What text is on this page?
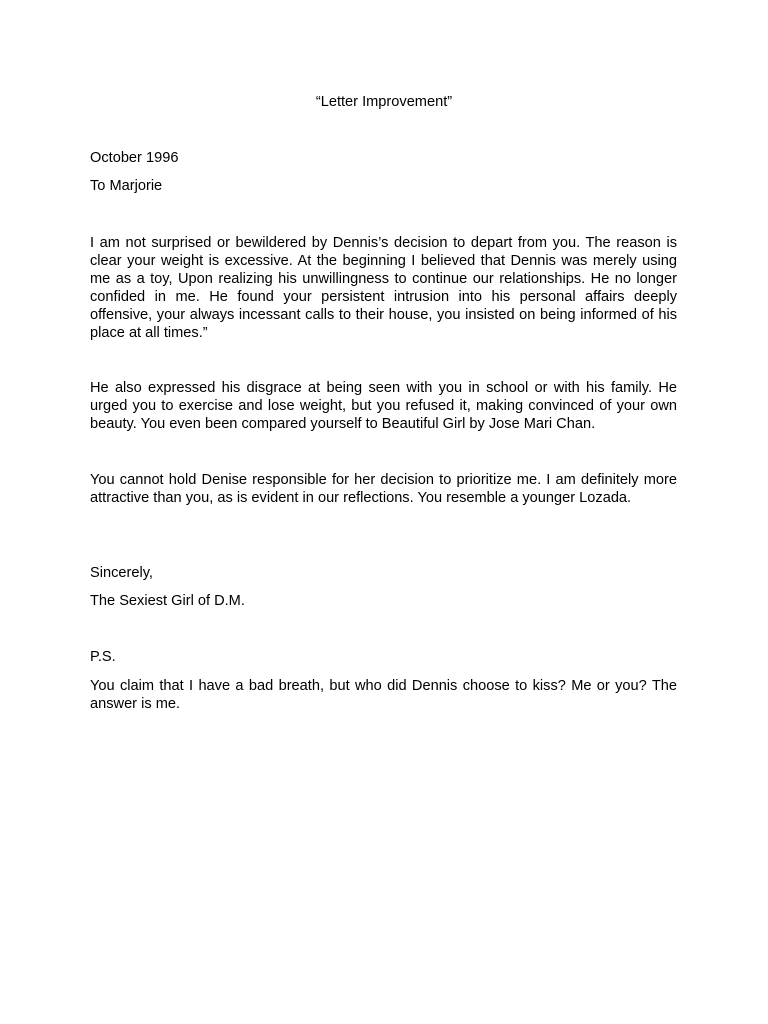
“Letter Improvement”

October 1996

To Marjorie

I am not surprised or bewildered by Dennis’s decision to depart from you. The reason is clear your weight is excessive. At the beginning I believed that Dennis was merely using me as a toy, Upon realizing his unwillingness to continue our relationships. He no longer confided in me. He found your persistent intrusion into his personal affairs deeply offensive, your always incessant calls to their house, you insisted on being informed of his place at all times.”

He also expressed his disgrace at being seen with you in school or with his family. He urged you to exercise and lose weight, but you refused it, making convinced of your own beauty. You even been compared yourself to Beautiful Girl by Jose Mari Chan.

You cannot hold Denise responsible for her decision to prioritize me. I am definitely more attractive than you, as is evident in our reflections. You resemble a younger Lozada.

Sincerely,

The Sexiest Girl of D.M.

P.S.

You claim that I have a bad breath, but who did Dennis choose to kiss? Me or you? The answer is me.
